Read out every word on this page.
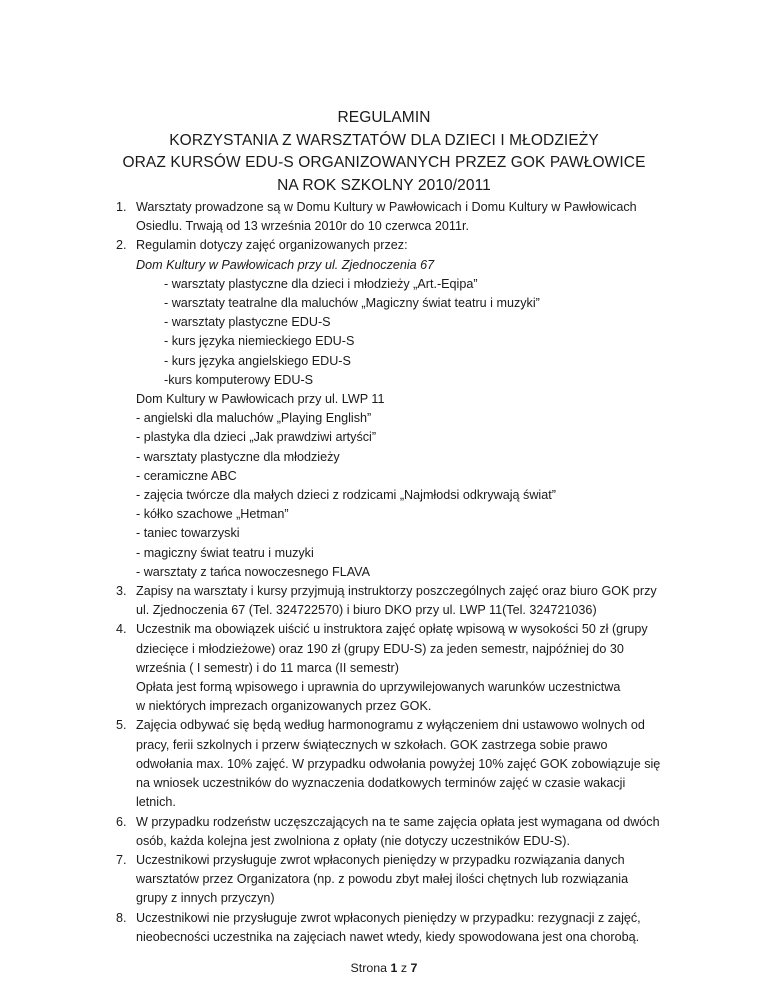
REGULAMIN
KORZYSTANIA Z WARSZTATÓW DLA DZIECI I MŁODZIEŻY
ORAZ KURSÓW EDU-S ORGANIZOWANYCH PRZEZ GOK PAWŁOWICE
NA ROK SZKOLNY 2010/2011
1. Warsztaty prowadzone są w Domu Kultury w Pawłowicach i Domu Kultury w Pawłowicach
Osiedlu. Trwają od 13 września 2010r do 10 czerwca 2011r.
2. Regulamin dotyczy zajęć organizowanych przez:
Dom Kultury w Pawłowicach przy ul. Zjednoczenia 67
- warsztaty plastyczne dla dzieci i młodzieży „Art.-Eqipa”
- warsztaty teatralne dla maluchów „Magiczny świat teatru i muzyki”
- warsztaty plastyczne EDU-S
- kurs języka niemieckiego EDU-S
- kurs języka angielskiego EDU-S
-kurs komputerowy EDU-S
Dom Kultury w Pawłowicach przy ul. LWP 11
- angielski dla maluchów „Playing English”
- plastyka dla dzieci „Jak prawdziwi artyści”
- warsztaty plastyczne dla młodzieży
- ceramiczne ABC
- zajęcia twórcze dla małych dzieci z rodzicami „Najmłodsi odkrywają świat”
- kółko szachowe „Hetman”
- taniec towarzyski
- magiczny świat teatru i muzyki
- warsztaty z tańca nowoczesnego FLAVA
3. Zapisy na warsztaty i kursy przyjmują instruktorzy poszczególnych zajęć oraz biuro GOK przy
ul. Zjednoczenia 67 (Tel. 324722570) i biuro DKO przy ul. LWP 11(Tel. 324721036)
4. Uczestnik ma obowiązek uiścić u instruktora zajęć opłatę wpisową w wysokości 50 zł (grupy
dziecięce i młodzieżowe) oraz 190 zł (grupy EDU-S) za jeden semestr, najpóźniej do 30
września ( I semestr) i do 11 marca (II semestr)
Opłata jest formą wpisowego i uprawnia do uprzywilejowanych warunków uczestnictwa
w niektórych imprezach organizowanych przez GOK.
5. Zajęcia odbywać się będą według harmonogramu z wyłączeniem dni ustawowo wolnych od
pracy, ferii szkolnych i przerw świątecznych w szkołach. GOK zastrzega sobie prawo
odwołania max. 10% zajęć. W przypadku odwołania powyżej 10% zajęć GOK zobowiązuje się
na wniosek uczestników do wyznaczenia dodatkowych terminów zajęć w czasie wakacji
letnich.
6. W przypadku rodzeństw uczęszczających na te same zajęcia opłata jest wymagana od dwóch
osób, każda kolejna jest zwolniona z opłaty (nie dotyczy uczestników EDU-S).
7. Uczestnikowi przysługuje zwrot wpłaconych pieniędzy w przypadku rozwiązania danych
warsztatów przez Organizatora (np. z powodu zbyt małej ilości chętnych lub rozwiązania
grupy z innych przyczyn)
8. Uczestnikowi nie przysługuje zwrot wpłaconych pieniędzy w przypadku: rezygnacji z zajęć,
nieobecności uczestnika na zajęciach nawet wtedy, kiedy spowodowana jest ona chorobą.
Strona 1 z 7
